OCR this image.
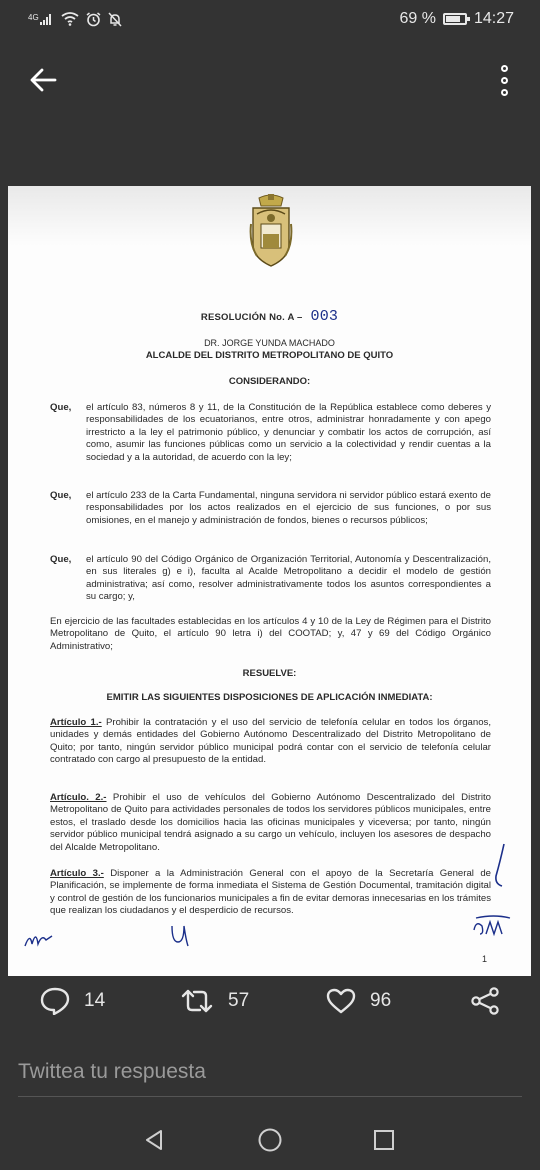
4G	69 % 14:27
RESOLUCIÓN No. A – 003
DR. JORGE YUNDA MACHADO
ALCALDE DEL DISTRITO METROPOLITANO DE QUITO
CONSIDERANDO:
Que, el artículo 83, números 8 y 11, de la Constitución de la República establece como deberes y responsabilidades de los ecuatorianos, entre otros, administrar honradamente y con apego irrestricto a la ley el patrimonio público, y denunciar y combatir los actos de corrupción, así como, asumir las funciones públicas como un servicio a la colectividad y rendir cuentas a la sociedad y a la autoridad, de acuerdo con la ley;
Que, el artículo 233 de la Carta Fundamental, ninguna servidora ni servidor público estará exento de responsabilidades por los actos realizados en el ejercicio de sus funciones, o por sus omisiones, en el manejo y administración de fondos, bienes o recursos públicos;
Que, el artículo 90 del Código Orgánico de Organización Territorial, Autonomía y Descentralización, en sus literales g) e i), faculta al Acalde Metropolitano a decidir el modelo de gestión administrativa; así como, resolver administrativamente todos los asuntos correspondientes a su cargo; y,
En ejercicio de las facultades establecidas en los artículos 4 y 10 de la Ley de Régimen para el Distrito Metropolitano de Quito, el artículo 90 letra i) del COOTAD; y, 47 y 69 del Código Orgánico Administrativo;
RESUELVE:
EMITIR LAS SIGUIENTES DISPOSICIONES DE APLICACIÓN INMEDIATA:
Artículo 1.- Prohibir la contratación y el uso del servicio de telefonía celular en todos los órganos, unidades y demás entidades del Gobierno Autónomo Descentralizado del Distrito Metropolitano de Quito; por tanto, ningún servidor público municipal podrá contar con el servicio de telefonía celular contratado con cargo al presupuesto de la entidad.
Artículo. 2.- Prohibir el uso de vehículos del Gobierno Autónomo Descentralizado del Distrito Metropolitano de Quito para actividades personales de todos los servidores públicos municipales, entre estos, el traslado desde los domicilios hacia las oficinas municipales y viceversa; por tanto, ningún servidor público municipal tendrá asignado a su cargo un vehículo, incluyen los asesores de despacho del Alcalde Metropolitano.
Artículo 3.- Disponer a la Administración General con el apoyo de la Secretaría General de Planificación, se implemente de forma inmediata el Sistema de Gestión Documental, tramitación digital y control de gestión de los funcionarios municipales a fin de evitar demoras innecesarias en los trámites que realizan los ciudadanos y el desperdicio de recursos.
1
14	57	96
Twittea tu respuesta
